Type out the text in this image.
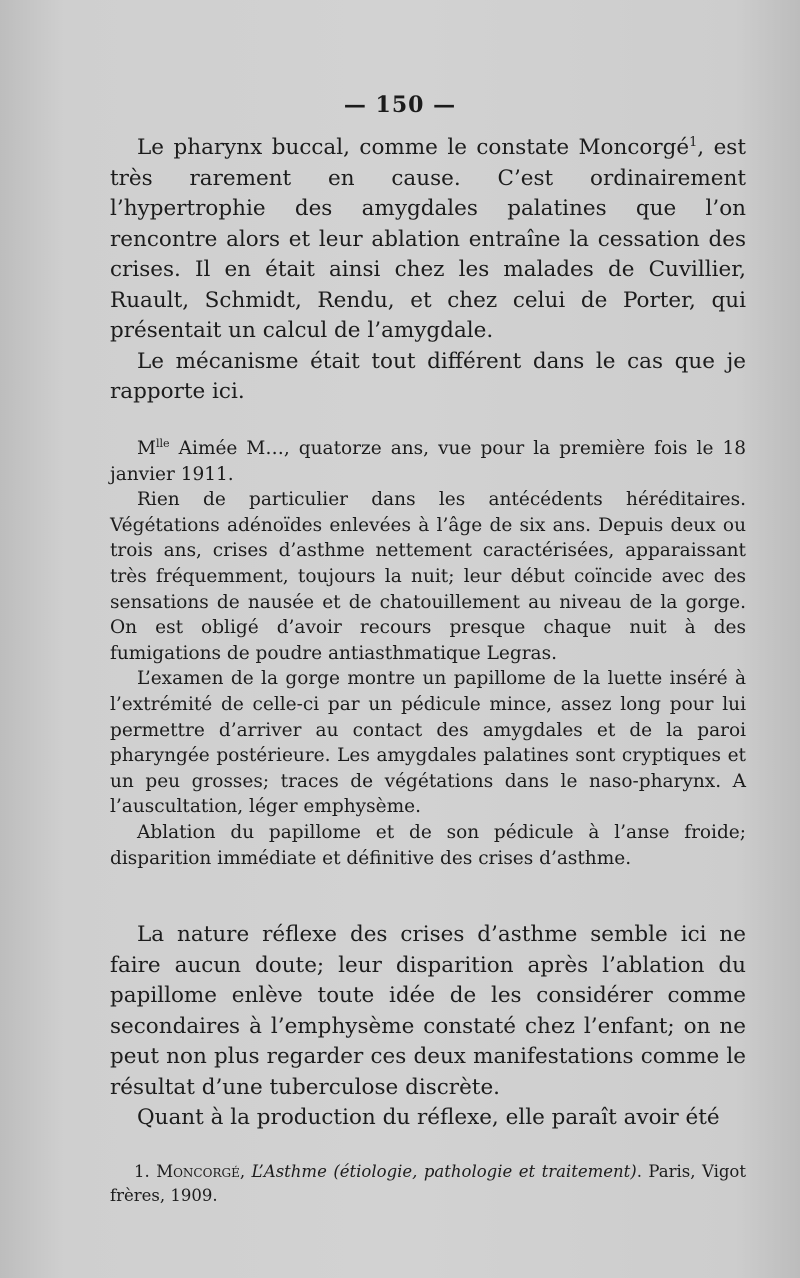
— 150 —

Le pharynx buccal, comme le constate Moncorgé$^1$, est très rarement en cause. C’est ordinairement l’hypertrophie des amygdales palatines que l’on rencontre alors et leur ablation entraîne la cessation des crises. Il en était ainsi chez les malades de Cuvillier, Ruault, Schmidt, Rendu, et chez celui de Porter, qui présentait un calcul de l’amygdale.

Le mécanisme était tout différent dans le cas que je rapporte ici.

$M^{lle}$ Aimée M…, quatorze ans, vue pour la première fois le 18 janvier 1911.

Rien de particulier dans les antécédents héréditaires. Végétations adénoïdes enlevées à l’âge de six ans. Depuis deux ou trois ans, crises d’asthme nettement caractérisées, apparaissant très fréquemment, toujours la nuit; leur début coïncide avec des sensations de nausée et de chatouillement au niveau de la gorge. On est obligé d’avoir recours presque chaque nuit à des fumigations de poudre antiasthmatique Legras.

L’examen de la gorge montre un papillome de la luette inséré à l’extrémité de celle-ci par un pédicule mince, assez long pour lui permettre d’arriver au contact des amygdales et de la paroi pharyngée postérieure. Les amygdales palatines sont cryptiques et un peu grosses; traces de végétations dans le naso-pharynx. A l’auscultation, léger emphysème.

Ablation du papillome et de son pédicule à l’anse froide; disparition immédiate et définitive des crises d’asthme.

La nature réflexe des crises d’asthme semble ici ne faire aucun doute; leur disparition après l’ablation du papillome enlève toute idée de les considérer comme secondaires à l’emphysème constaté chez l’enfant; on ne peut non plus regarder ces deux manifestations comme le résultat d’une tuberculose discrète.

Quant à la production du réflexe, elle paraît avoir été

1. Moncorgé, L’Asthme (étiologie, pathologie et traitement). Paris, Vigot frères, 1909.
